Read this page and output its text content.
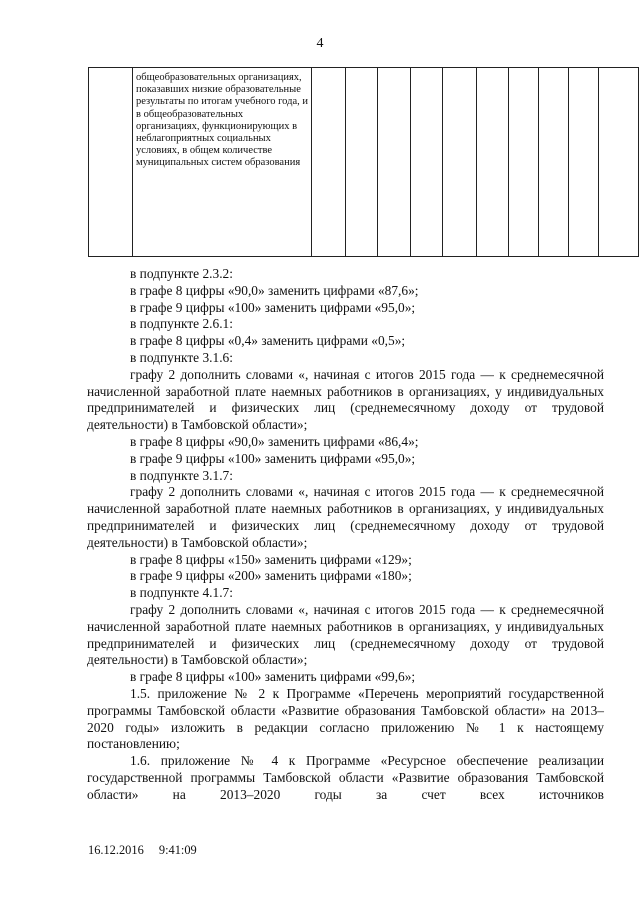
4
	общеобразовательных организациях, показавших низкие образовательные результаты по итогам учебного года, и в общеобразовательных организациях, функционирующих в неблагоприятных социальных условиях, в общем количестве муниципальных систем образования										

в подпункте 2.3.2:

в графе 8 цифры «90,0» заменить цифрами «87,6»;

в графе 9 цифры «100» заменить цифрами «95,0»;

в подпункте 2.6.1:

в графе 8 цифры «0,4» заменить цифрами «0,5»;

в подпункте 3.1.6:

графу 2 дополнить словами «, начиная с итогов 2015 года — к среднемесячной начисленной заработной плате наемных работников в организациях, у индивидуальных предпринимателей и физических лиц (среднемесячному доходу от трудовой деятельности) в Тамбовской области»;

в графе 8 цифры «90,0» заменить цифрами «86,4»;

в графе 9 цифры «100» заменить цифрами «95,0»;

в подпункте 3.1.7:

графу 2 дополнить словами «, начиная с итогов 2015 года — к среднемесячной начисленной заработной плате наемных работников в организациях, у индивидуальных предпринимателей и физических лиц (среднемесячному доходу от трудовой деятельности) в Тамбовской области»;

в графе 8 цифры «150» заменить цифрами «129»;

в графе 9 цифры «200» заменить цифрами «180»;

в подпункте 4.1.7:

графу 2 дополнить словами «, начиная с итогов 2015 года — к среднемесячной начисленной заработной плате наемных работников в организациях, у индивидуальных предпринимателей и физических лиц (среднемесячному доходу от трудовой деятельности) в Тамбовской области»;

в графе 8 цифры «100» заменить цифрами «99,6»;

1.5. приложение № 2 к Программе «Перечень мероприятий государственной программы Тамбовской области «Развитие образования Тамбовской области» на 2013–2020 годы» изложить в редакции согласно приложению № 1 к настоящему постановлению;

1.6. приложение № 4 к Программе «Ресурсное обеспечение реализации государственной программы Тамбовской области «Развитие образования Тамбовской области» на 2013–2020 годы за счет всех источников

16.12.2016 9:41:09
